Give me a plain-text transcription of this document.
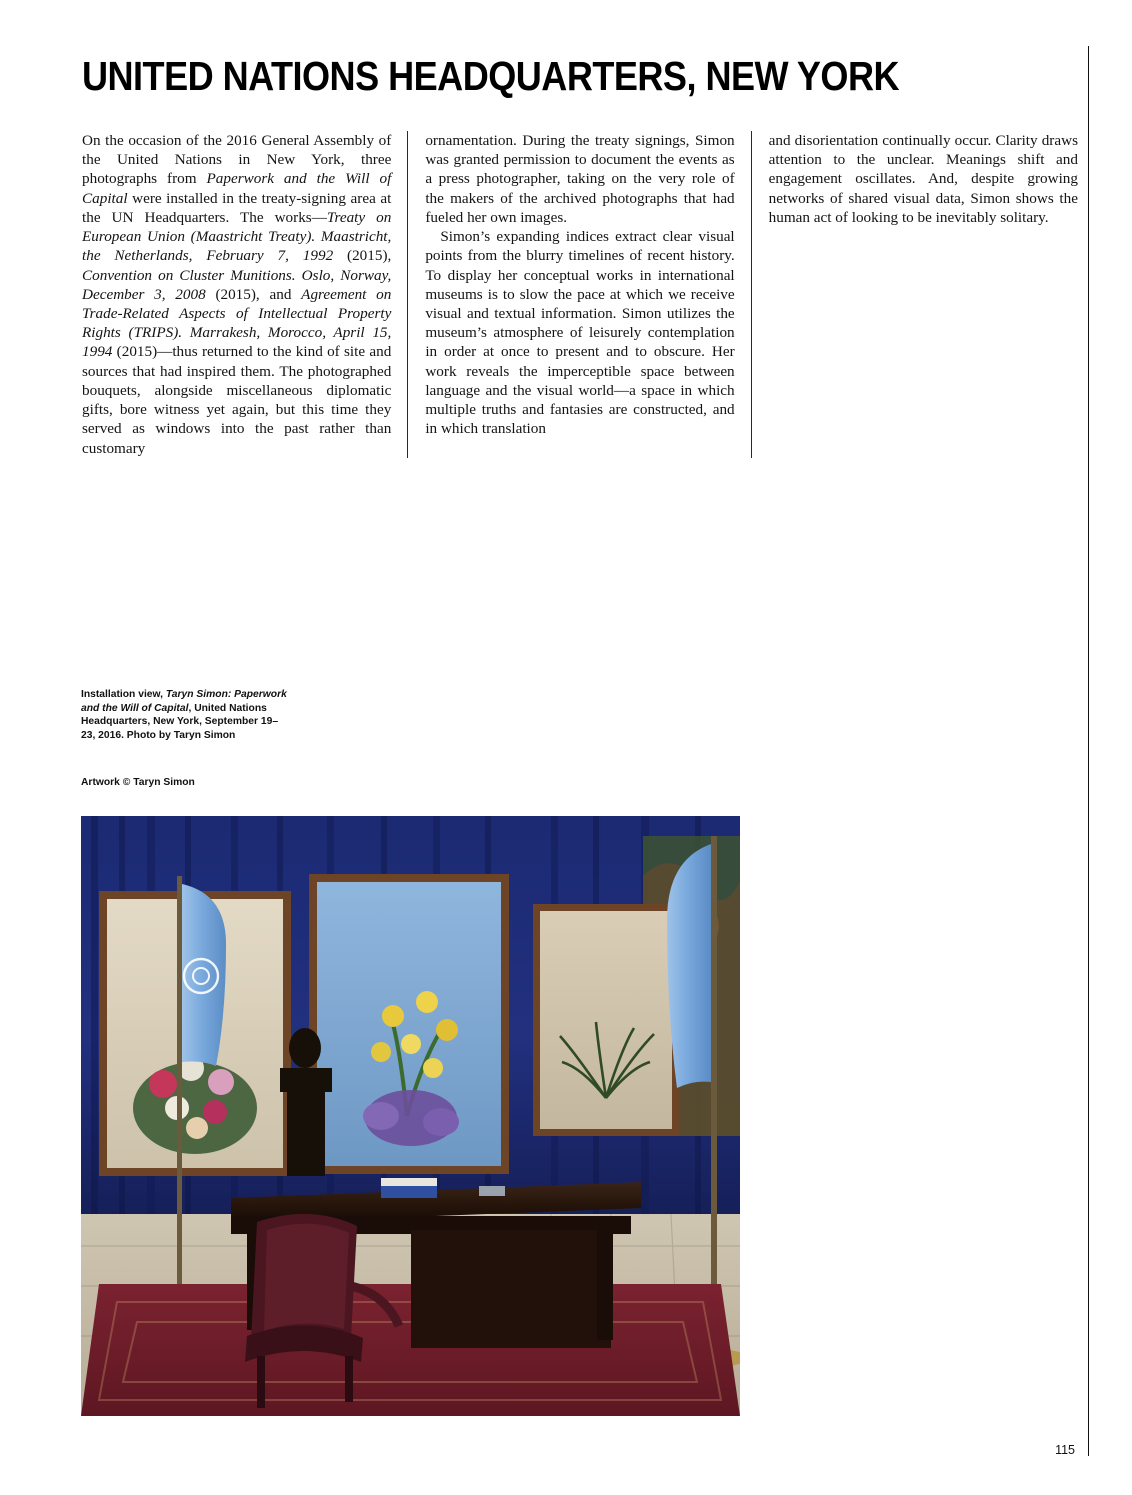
UNITED NATIONS HEADQUARTERS, NEW YORK

On the occasion of the 2016 General Assembly of the United Nations in New York, three photographs from Paperwork and the Will of Capital were installed in the treaty-signing area at the UN Headquarters. The works—Treaty on European Union (Maastricht Treaty). Maastricht, the Netherlands, February 7, 1992 (2015), Convention on Cluster Munitions. Oslo, Norway, December 3, 2008 (2015), and Agreement on Trade-Related Aspects of Intellectual Property Rights (TRIPS). Marrakesh, Morocco, April 15, 1994 (2015)—thus returned to the kind of site and sources that had inspired them. The photographed bouquets, alongside miscellaneous diplomatic gifts, bore witness yet again, but this time they served as windows into the past rather than customary

ornamentation. During the treaty signings, Simon was granted permission to document the events as a press photographer, taking on the very role of the makers of the archived photographs that had fueled her own images.

Simon’s expanding indices extract clear visual points from the blurry timelines of recent history. To display her conceptual works in international museums is to slow the pace at which we receive visual and textual information. Simon utilizes the museum’s atmosphere of leisurely contemplation in order at once to present and to obscure. Her work reveals the imperceptible space between language and the visual world—a space in which multiple truths and fantasies are constructed, and in which translation

and disorientation continually occur. Clarity draws attention to the unclear. Meanings shift and engagement oscillates. And, despite growing networks of shared visual data, Simon shows the human act of looking to be inevitably solitary.

Installation view, Taryn Simon: Paperwork and the Will of Capital, United Nations Headquarters, New York, September 19–23, 2016. Photo by Taryn Simon
Artwork © Taryn Simon
115
